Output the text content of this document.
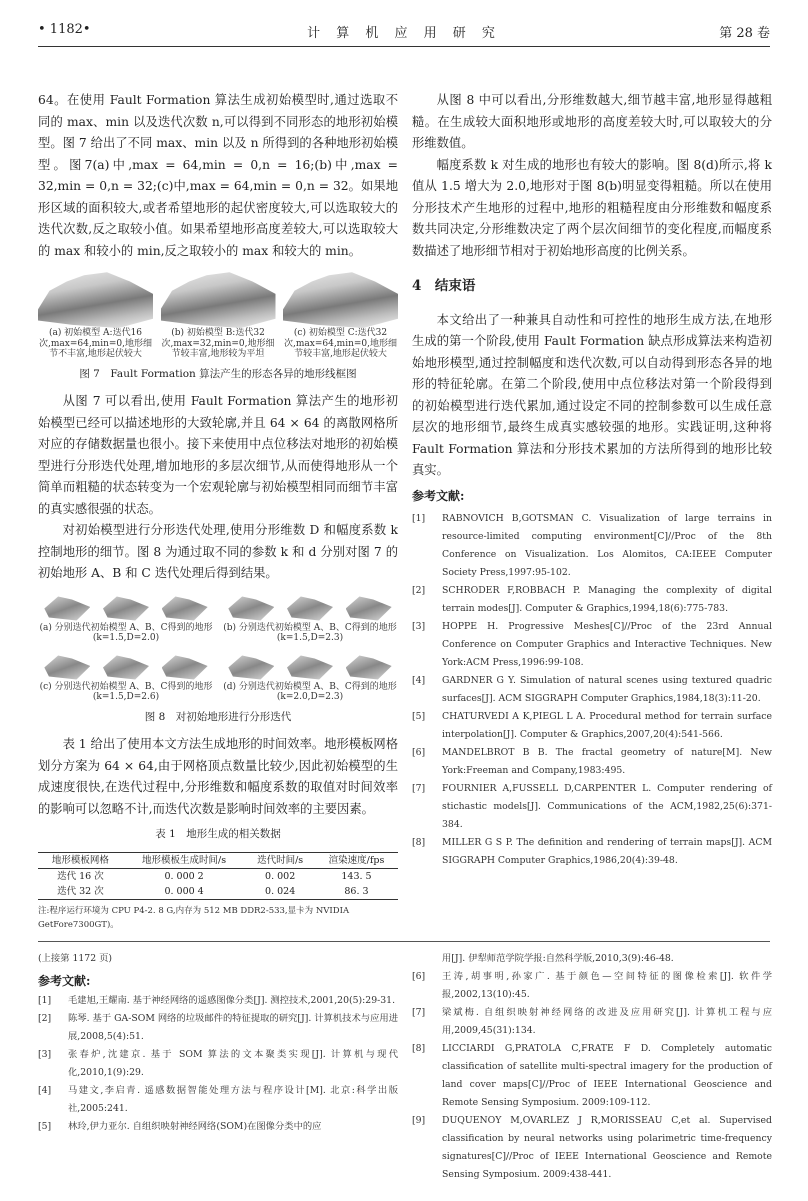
• 1182•	计 算 机 应 用 研 究	第 28 卷

64。在使用 Fault Formation 算法生成初始模型时,通过选取不同的 max、min 以及迭代次数 n,可以得到不同形态的地形初始模型。图 7 给出了不同 max、min 以及 n 所得到的各种地形初始模型。图7(a)中,max = 64,min = 0,n = 16;(b)中,max = 32,min = 0,n = 32;(c)中,max = 64,min = 0,n = 32。如果地形区域的面积较大,或者希望地形的起伏密度较大,可以选取较大的迭代次数,反之取较小值。如果希望地形高度差较大,可以选取较大的 max 和较小的 min,反之取较小的 max 和较大的 min。

(a) 初始模型 A:迭代16 次,max=64,min=0,地形细节不丰富,地形起伏较大
(b) 初始模型 B:迭代32 次,max=32,min=0,地形细节较丰富,地形较为平坦
(c) 初始模型 C:迭代32 次,max=64,min=0,地形细节较丰富,地形起伏较大
图 7　Fault Formation 算法产生的形态各异的地形线框图

从图 7 可以看出,使用 Fault Formation 算法产生的地形初始模型已经可以描述地形的大致轮廓,并且 64 × 64 的离散网格所对应的存储数据量也很小。接下来使用中点位移法对地形的初始模型进行分形迭代处理,增加地形的多层次细节,从而使得地形从一个简单而粗糙的状态转变为一个宏观轮廓与初始模型相同而细节丰富的真实感很强的状态。

对初始模型进行分形迭代处理,使用分形维数 D 和幅度系数 k 控制地形的细节。图 8 为通过取不同的参数 k 和 d 分别对图 7 的初始地形 A、B 和 C 迭代处理后得到结果。

(a) 分别迭代初始模型 A、B、C得到的地形(k=1.5,D=2.0)
(b) 分别迭代初始模型 A、B、C得到的地形(k=1.5,D=2.3)
(c) 分别迭代初始模型 A、B、C得到的地形(k=1.5,D=2.6)
(d) 分别迭代初始模型 A、B、C得到的地形(k=2.0,D=2.3)
图 8　对初始地形进行分形迭代

表 1 给出了使用本文方法生成地形的时间效率。地形模板网格划分方案为 64 × 64,由于网格顶点数量比较少,因此初始模型的生成速度很快,在迭代过程中,分形维数和幅度系数的取值对时间效率的影响可以忽略不计,而迭代次数是影响时间效率的主要因素。

表 1　地形生成的相关数据
地形模板网格	地形模板生成时间/s	迭代时间/s	渲染速度/fps
迭代 16 次	0. 000 2	0. 002	143. 5
迭代 32 次	0. 000 4	0. 024	86. 3
注:程序运行环境为 CPU P4-2. 8 G,内存为 512 MB DDR2-533,显卡为 NVIDIA GetFore7300GT)。

从图 8 中可以看出,分形维数越大,细节越丰富,地形显得越粗糙。在生成较大面积地形或地形的高度差较大时,可以取较大的分形维数值。

幅度系数 k 对生成的地形也有较大的影响。图 8(d)所示,将 k 值从 1.5 增大为 2.0,地形对于图 8(b)明显变得粗糙。所以在使用分形技术产生地形的过程中,地形的粗糙程度由分形维数和幅度系数共同决定,分形维数决定了两个层次间细节的变化程度,而幅度系数描述了地形细节相对于初始地形高度的比例关系。

4　结束语

本文给出了一种兼具自动性和可控性的地形生成方法,在地形生成的第一个阶段,使用 Fault Formation 缺点形成算法来构造初始地形模型,通过控制幅度和迭代次数,可以自动得到形态各异的地形的特征轮廓。在第二个阶段,使用中点位移法对第一个阶段得到的初始模型进行迭代累加,通过设定不同的控制参数可以生成任意层次的地形细节,最终生成真实感较强的地形。实践证明,这种将 Fault Formation 算法和分形技术累加的方法所得到的地形比较真实。

参考文献:
[1]	RABNOVICH B,GOTSMAN C. Visualization of large terrains in resource-limited computing environment[C]//Proc of the 8th Conference on Visualization. Los Alomitos, CA:IEEE Computer Society Press,1997:95-102.
[2]	SCHRODER F,ROBBACH P. Managing the complexity of digital terrain modes[J]. Computer & Graphics,1994,18(6):775-783.
[3]	HOPPE H. Progressive Meshes[C]//Proc of the 23rd Annual Conference on Computer Graphics and Interactive Techniques. New York:ACM Press,1996:99-108.
[4]	GARDNER G Y. Simulation of natural scenes using textured quadric surfaces[J]. ACM SIGGRAPH Computer Graphics,1984,18(3):11-20.
[5]	CHATURVEDI A K,PIEGL L A. Procedural method for terrain surface interpolation[J]. Computer & Graphics,2007,20(4):541-566.
[6]	MANDELBROT B B. The fractal geometry of nature[M]. New York:Freeman and Company,1983:495.
[7]	FOURNIER A,FUSSELL D,CARPENTER L. Computer rendering of stichastic models[J]. Communications of the ACM,1982,25(6):371-384.
[8]	MILLER G S P. The definition and rendering of terrain maps[J]. ACM SIGGRAPH Computer Graphics,1986,20(4):39-48.
(上接第 1172 页)
参考文献:
[1]	毛建旭,王耀南. 基于神经网络的遥感图像分类[J]. 测控技术,2001,20(5):29-31.
[2]	陈琴. 基于 GA-SOM 网络的垃圾邮件的特征提取的研究[J]. 计算机技术与应用进展,2008,5(4):51.
[3]	张春炉,沈建京. 基于 SOM 算法的文本聚类实现[J]. 计算机与现代化,2010,1(9):29.
[4]	马建文,李启青. 遥感数据智能处理方法与程序设计[M]. 北京:科学出版社,2005:241.
[5]	林玲,伊力亚尔. 自组织映射神经网络(SOM)在图像分类中的应
用[J]. 伊犁师范学院学报:自然科学版,2010,3(9):46-48.
[6]	王涛,胡事明,孙家广. 基于颜色—空间特征的图像检索[J]. 软件学报,2002,13(10):45.
[7]	梁斌梅. 自组织映射神经网络的改进及应用研究[J]. 计算机工程与应用,2009,45(31):134.
[8]	LICCIARDI G,PRATOLA C,FRATE F D. Completely automatic classification of satellite multi-spectral imagery for the production of land cover maps[C]//Proc of IEEE International Geoscience and Remote Sensing Symposium. 2009:109-112.
[9]	DUQUENOY M,OVARLEZ J R,MORISSEAU C,et al. Supervised classification by neural networks using polarimetric time-frequency signatures[C]//Proc of IEEE International Geoscience and Remote Sensing Symposium. 2009:438-441.
